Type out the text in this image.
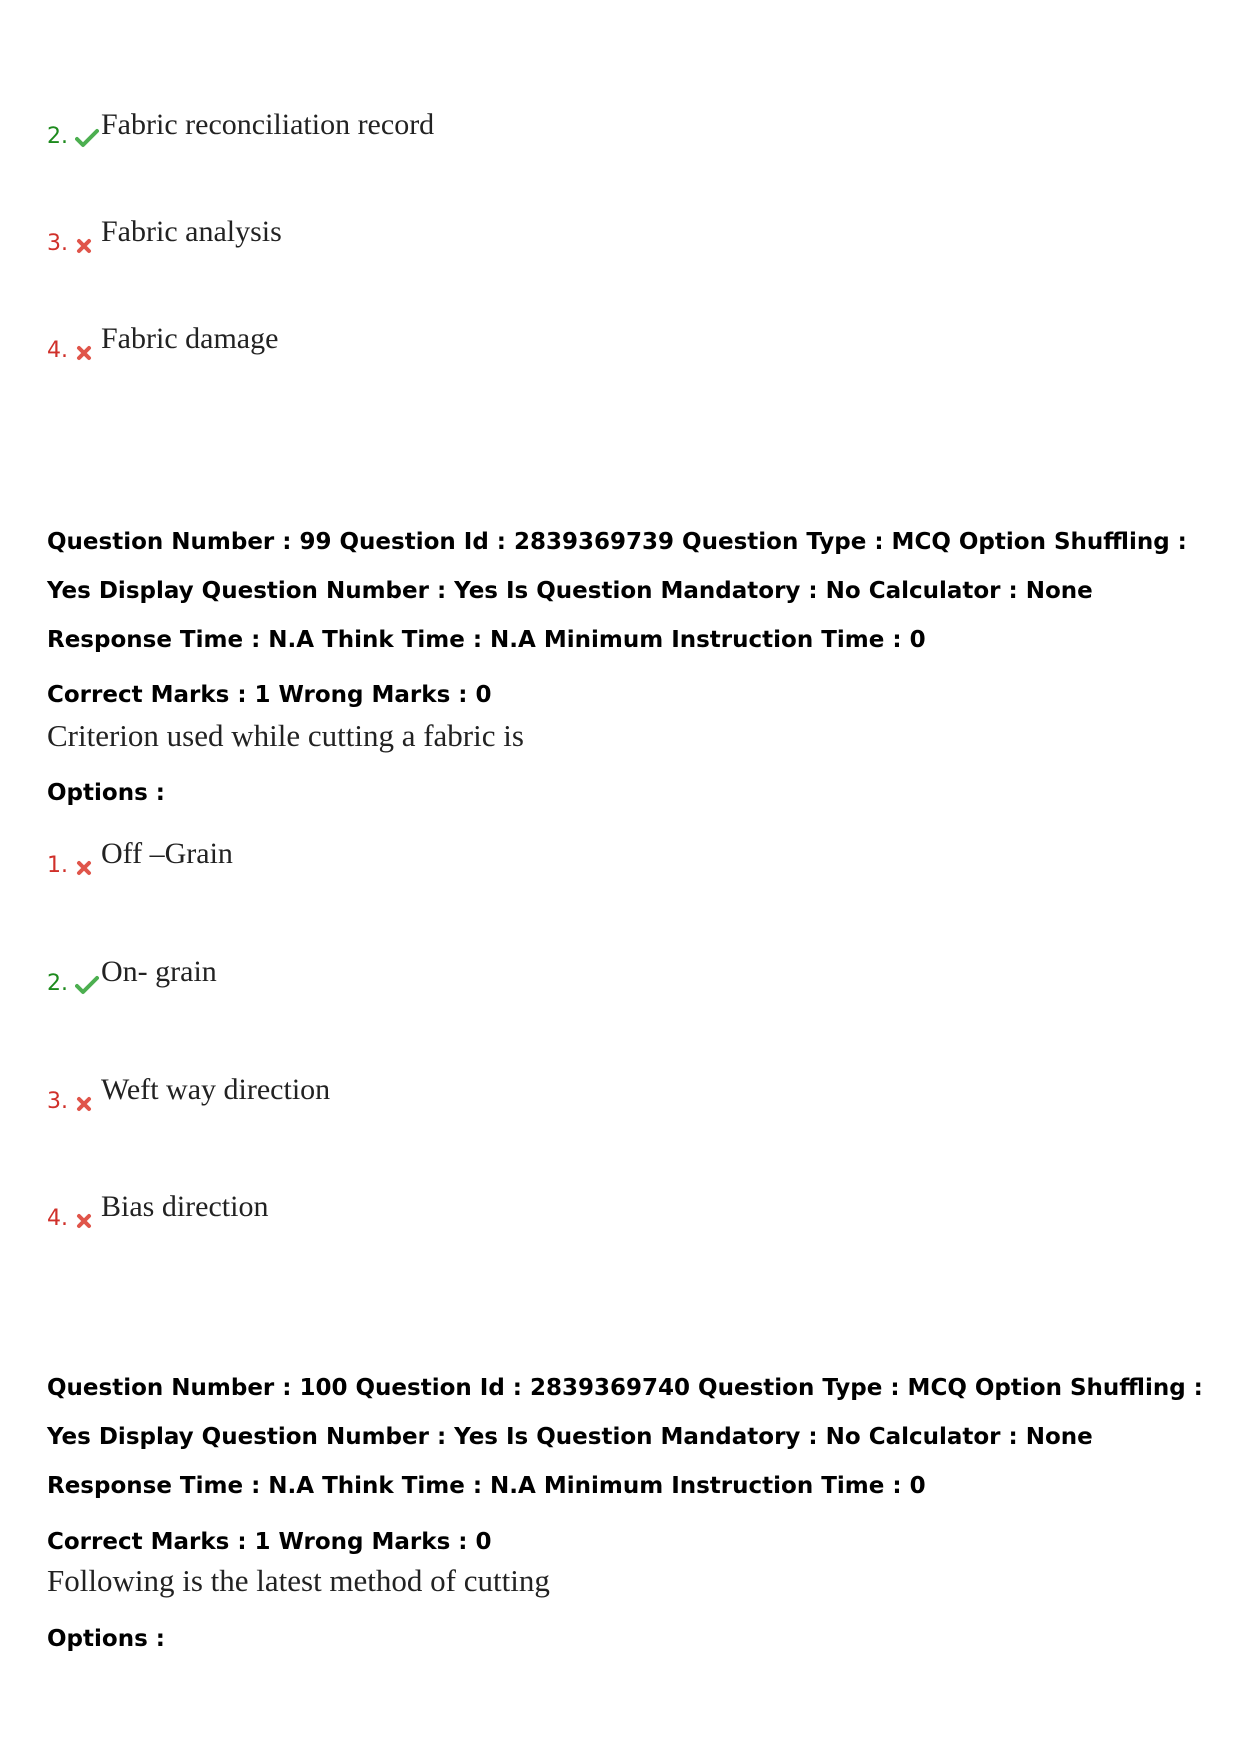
2. Fabric reconciliation record
3. Fabric analysis
4. Fabric damage

Question Number : 99 Question Id : 2839369739 Question Type : MCQ Option Shuffling : Yes Display Question Number : Yes Is Question Mandatory : No Calculator : None Response Time : N.A Think Time : N.A Minimum Instruction Time : 0

Correct Marks : 1 Wrong Marks : 0
Criterion used while cutting a fabric is
Options :
1. Off –Grain
2. On- grain
3. Weft way direction
4. Bias direction

Question Number : 100 Question Id : 2839369740 Question Type : MCQ Option Shuffling : Yes Display Question Number : Yes Is Question Mandatory : No Calculator : None Response Time : N.A Think Time : N.A Minimum Instruction Time : 0

Correct Marks : 1 Wrong Marks : 0
Following is the latest method of cutting
Options :
